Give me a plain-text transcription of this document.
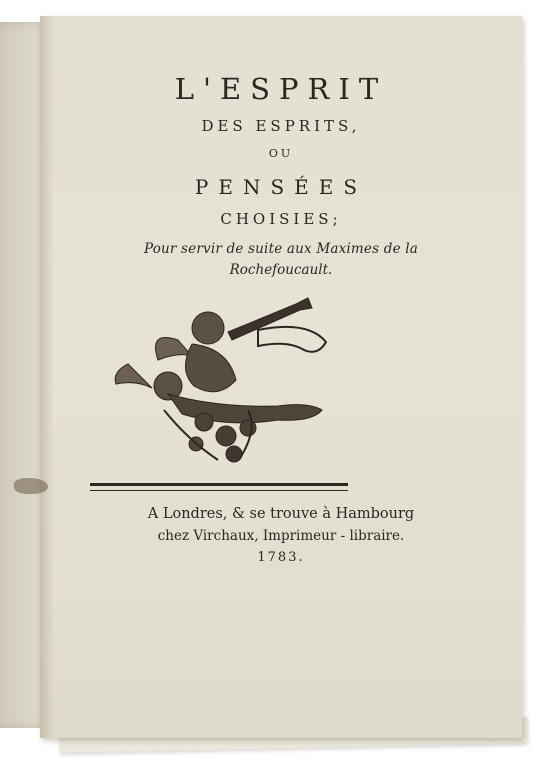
L'ESPRIT
DES ESPRITS,
OU
PENSÉES
CHOISIES;
Pour servir de suite aux Maximes de la
Rochefoucault.
A Londres, & se trouve à Hambourg
chez Virchaux, Imprimeur - libraire.
1783.
